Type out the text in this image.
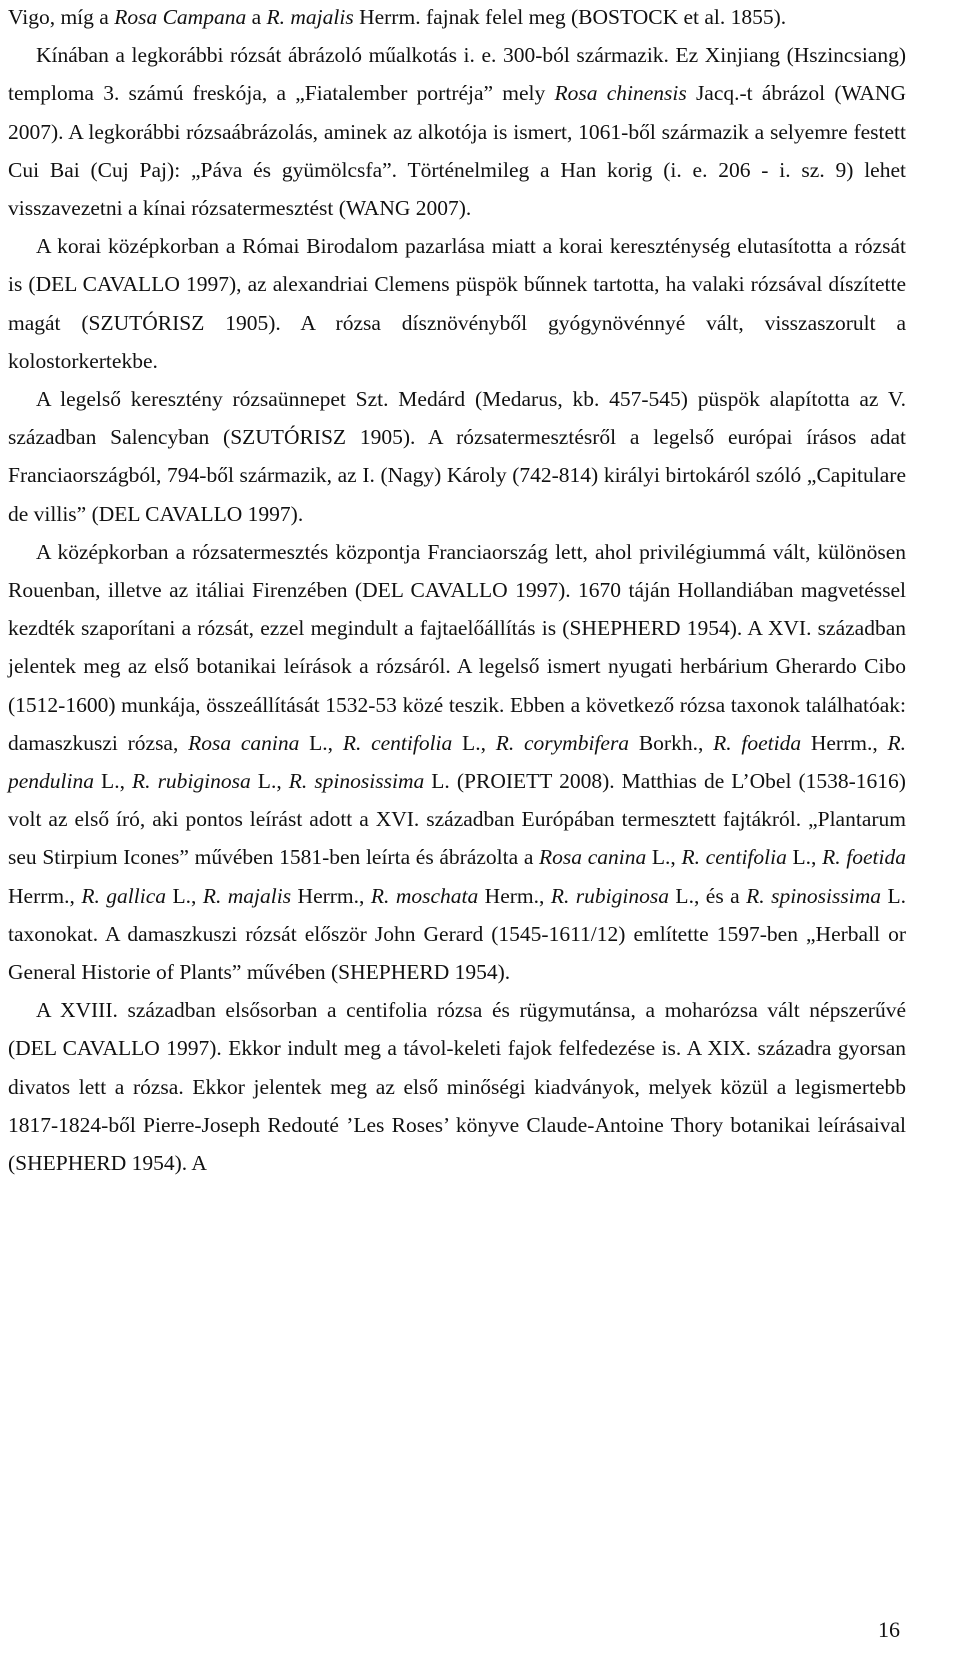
Vigo, míg a Rosa Campana a R. majalis Herrm. fajnak felel meg (BOSTOCK et al. 1855).

Kínában a legkorábbi rózsát ábrázoló műalkotás i. e. 300-ból származik. Ez Xinjiang (Hszincsiang) temploma 3. számú freskója, a „Fiatalember portréja” mely Rosa chinensis Jacq.-t ábrázol (WANG 2007). A legkorábbi rózsaábrázolás, aminek az alkotója is ismert, 1061-ből származik a selyemre festett Cui Bai (Cuj Paj): „Páva és gyümölcsfa”. Történelmileg a Han korig (i. e. 206 - i. sz. 9) lehet visszavezetni a kínai rózsatermesztést (WANG 2007).

A korai középkorban a Római Birodalom pazarlása miatt a korai kereszténység elutasította a rózsát is (DEL CAVALLO 1997), az alexandriai Clemens püspök bűnnek tartotta, ha valaki rózsával díszítette magát (SZUTÓRISZ 1905). A rózsa dísznövényből gyógynövénnyé vált, visszaszorult a kolostorkertekbe.

A legelső keresztény rózsaünnepet Szt. Medárd (Medarus, kb. 457-545) püspök alapította az V. században Salencyban (SZUTÓRISZ 1905). A rózsatermesztésről a legelső európai írásos adat Franciaországból, 794-ből származik, az I. (Nagy) Károly (742-814) királyi birtokáról szóló „Capitulare de villis” (DEL CAVALLO 1997).

A középkorban a rózsatermesztés központja Franciaország lett, ahol privilégiummá vált, különösen Rouenban, illetve az itáliai Firenzében (DEL CAVALLO 1997). 1670 táján Hollandiában magvetéssel kezdték szaporítani a rózsát, ezzel megindult a fajtaelőállítás is (SHEPHERD 1954). A XVI. században jelentek meg az első botanikai leírások a rózsáról. A legelső ismert nyugati herbárium Gherardo Cibo (1512-1600) munkája, összeállítását 1532-53 közé teszik. Ebben a következő rózsa taxonok találhatóak: damaszkuszi rózsa, Rosa canina L., R. centifolia L., R. corymbifera Borkh., R. foetida Herrm., R. pendulina L., R. rubiginosa L., R. spinosissima L. (PROIETT 2008). Matthias de L’Obel (1538-1616) volt az első író, aki pontos leírást adott a XVI. században Európában termesztett fajtákról. „Plantarum seu Stirpium Icones” művében 1581-ben leírta és ábrázolta a Rosa canina L., R. centifolia L., R. foetida Herrm., R. gallica L., R. majalis Herrm., R. moschata Herm., R. rubiginosa L., és a R. spinosissima L. taxonokat. A damaszkuszi rózsát először John Gerard (1545-1611/12) említette 1597-ben „Herball or General Historie of Plants” művében (SHEPHERD 1954).

A XVIII. században elsősorban a centifolia rózsa és rügymutánsa, a moharózsa vált népszerűvé (DEL CAVALLO 1997). Ekkor indult meg a távol-keleti fajok felfedezése is. A XIX. századra gyorsan divatos lett a rózsa. Ekkor jelentek meg az első minőségi kiadványok, melyek közül a legismertebb 1817-1824-ből Pierre-Joseph Redouté ’Les Roses’ könyve Claude-Antoine Thory botanikai leírásaival (SHEPHERD 1954). A

16
